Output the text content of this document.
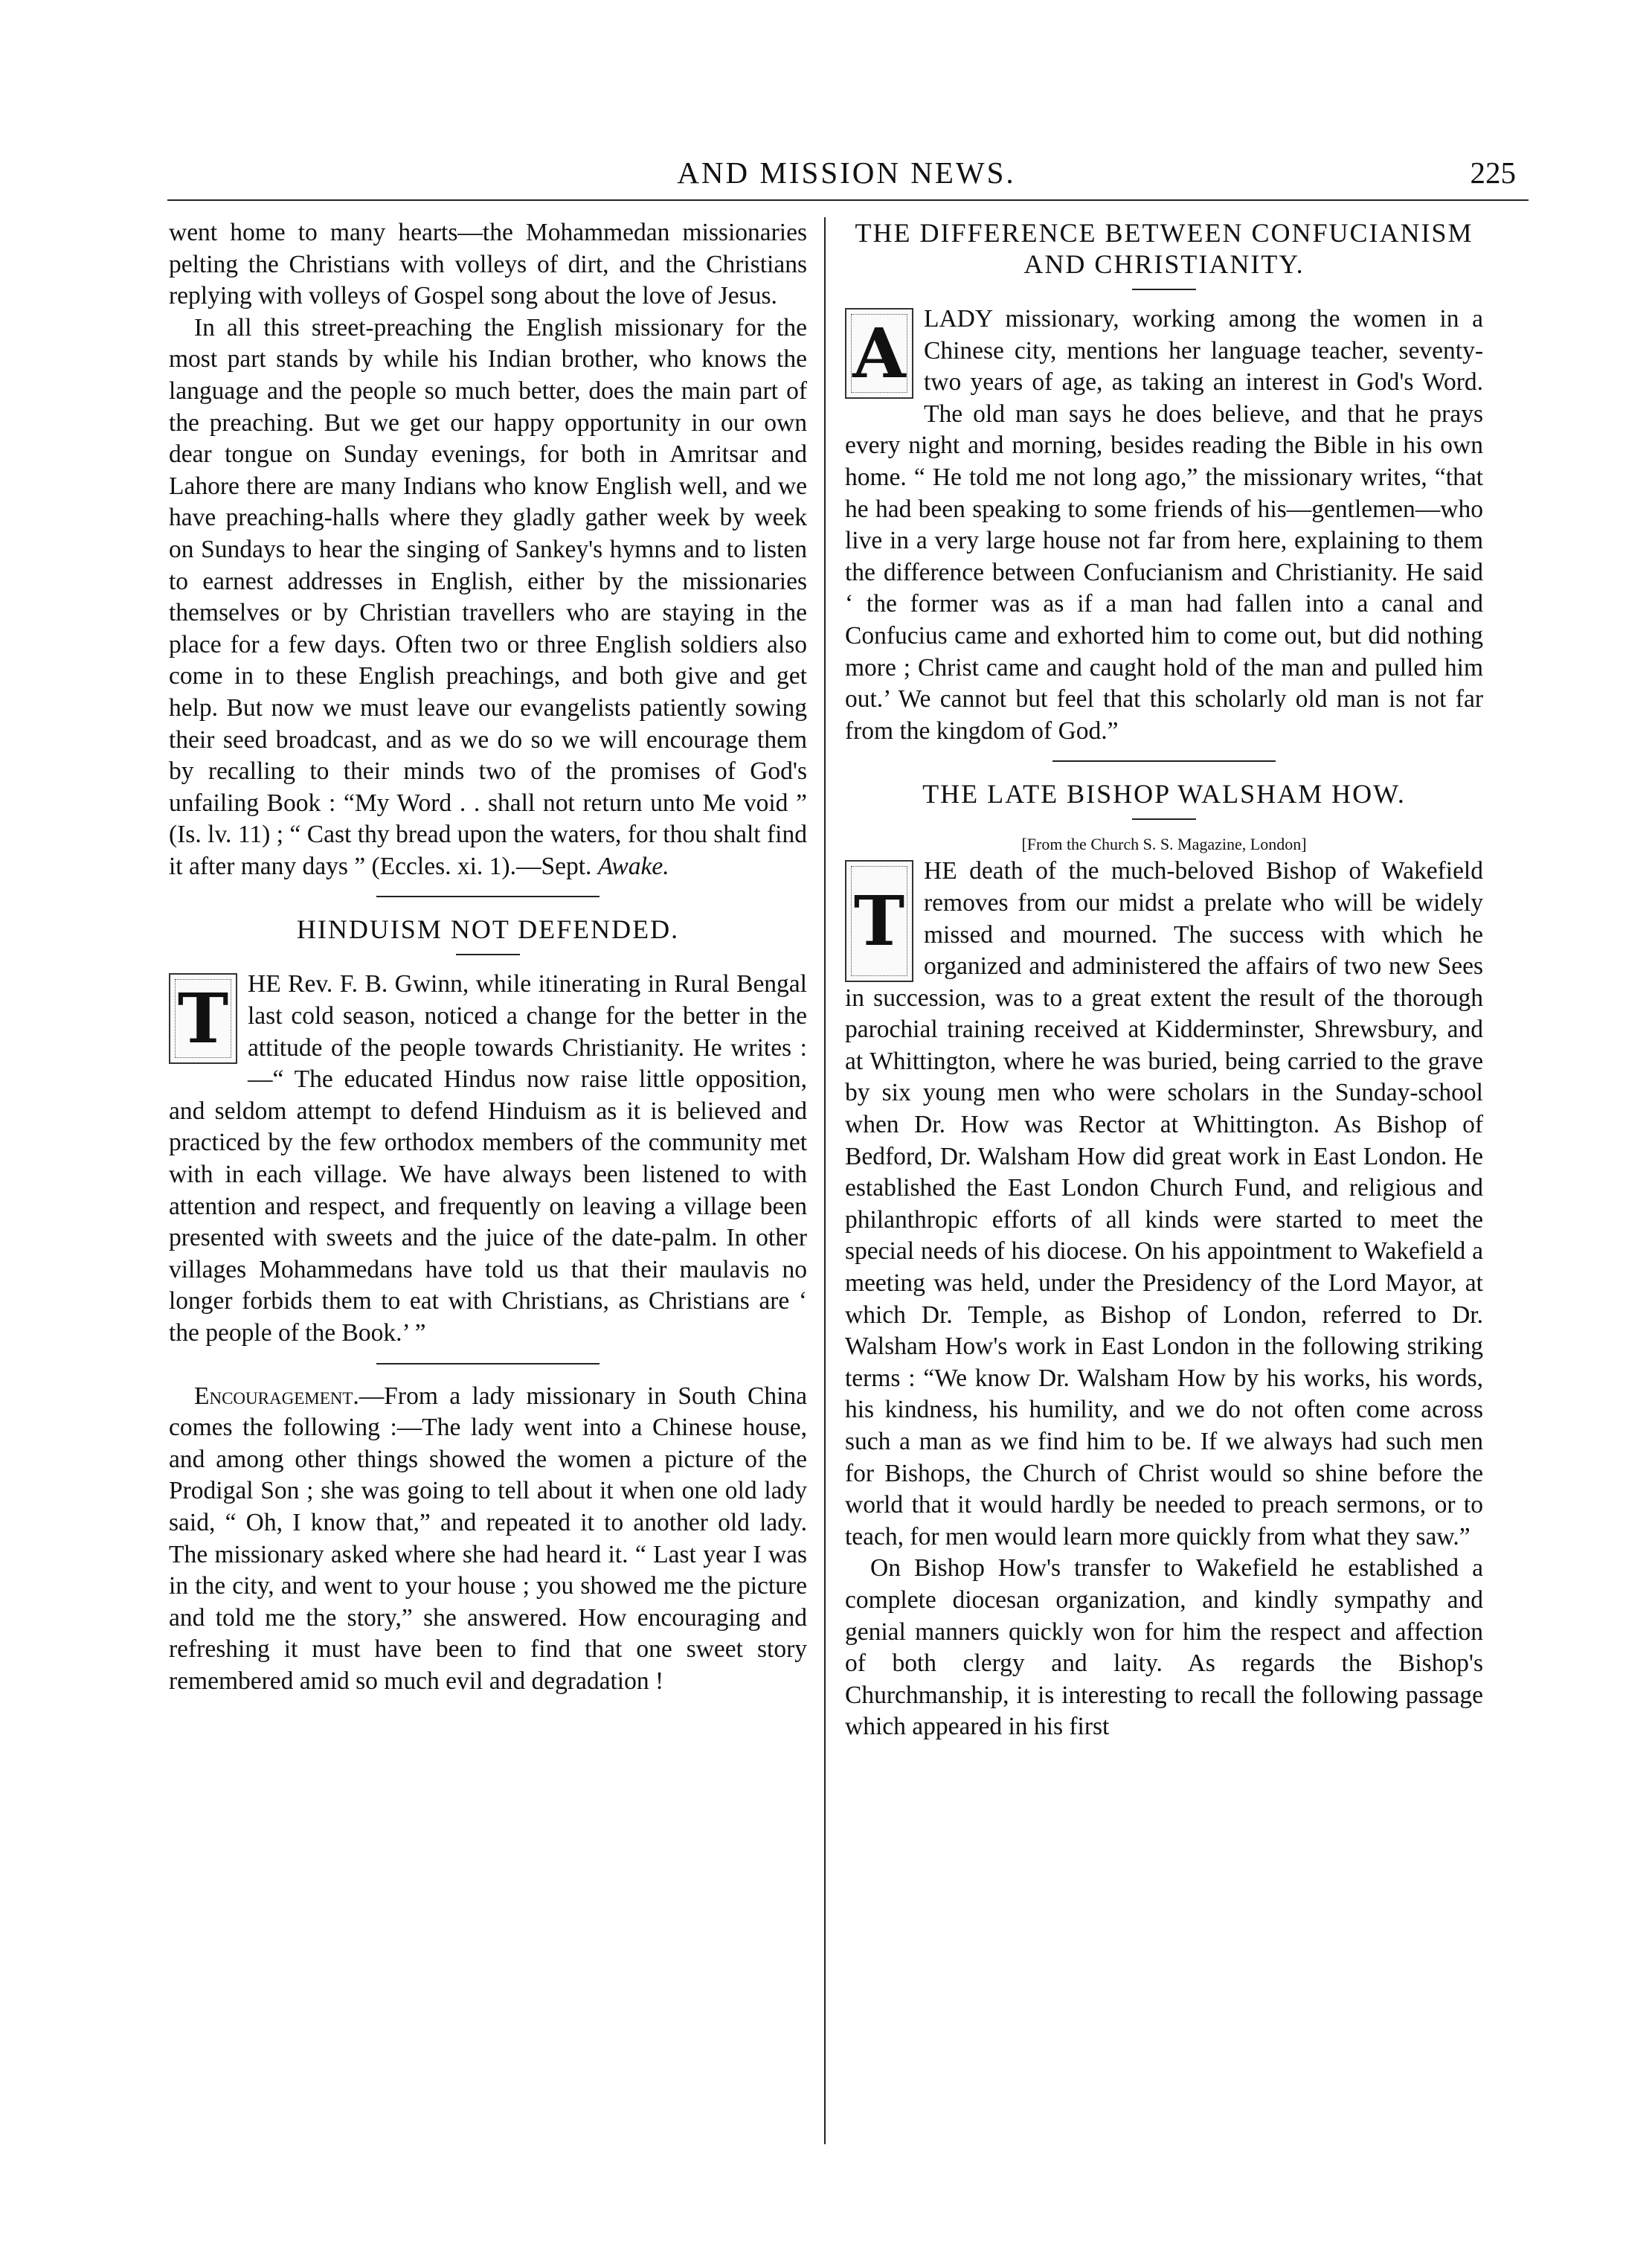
AND MISSION NEWS.	225

went home to many hearts—the Mohammedan missionaries pelting the Christians with volleys of dirt, and the Christians replying with volleys of Gospel song about the love of Jesus.

In all this street-preaching the English missionary for the most part stands by while his Indian brother, who knows the language and the people so much better, does the main part of the preaching. But we get our happy opportunity in our own dear tongue on Sunday evenings, for both in Amritsar and Lahore there are many Indians who know English well, and we have preaching-halls where they gladly gather week by week on Sundays to hear the singing of Sankey's hymns and to listen to earnest addresses in English, either by the missionaries themselves or by Christian travellers who are staying in the place for a few days. Often two or three English soldiers also come in to these English preachings, and both give and get help. But now we must leave our evangelists patiently sowing their seed broadcast, and as we do so we will encourage them by recalling to their minds two of the promises of God's unfailing Book : “My Word . . shall not return unto Me void ” (Is. lv. 11) ; “ Cast thy bread upon the waters, for thou shalt find it after many days ” (Eccles. xi. 1).—Sept. Awake.

HINDUISM NOT DEFENDED.

T HE Rev. F. B. Gwinn, while itinerating in Rural Bengal last cold season, noticed a change for the better in the attitude of the people towards Christianity. He writes :—“ The educated Hindus now raise little opposition, and seldom attempt to defend Hinduism as it is believed and practiced by the few orthodox members of the community met with in each village. We have always been listened to with attention and respect, and frequently on leaving a village been presented with sweets and the juice of the date-palm. In other villages Mohammedans have told us that their maulavis no longer forbids them to eat with Christians, as Christians are ‘ the people of the Book.’ ”

Encouragement.—From a lady missionary in South China comes the following :—The lady went into a Chinese house, and among other things showed the women a picture of the Prodigal Son ; she was going to tell about it when one old lady said, “ Oh, I know that,” and repeated it to another old lady. The missionary asked where she had heard it. “ Last year I was in the city, and went to your house ; you showed me the picture and told me the story,” she answered. How encouraging and refreshing it must have been to find that one sweet story remembered amid so much evil and degradation !

THE DIFFERENCE BETWEEN CONFUCIANISM AND CHRISTIANITY.

A LADY missionary, working among the women in a Chinese city, mentions her language teacher, seventy-two years of age, as taking an interest in God's Word. The old man says he does believe, and that he prays every night and morning, besides reading the Bible in his own home. “ He told me not long ago,” the missionary writes, “that he had been speaking to some friends of his—gentlemen—who live in a very large house not far from here, explaining to them the difference between Confucianism and Christianity. He said ‘ the former was as if a man had fallen into a canal and Confucius came and exhorted him to come out, but did nothing more ; Christ came and caught hold of the man and pulled him out.’ We cannot but feel that this scholarly old man is not far from the kingdom of God.”

THE LATE BISHOP WALSHAM HOW.

[From the Church S. S. Magazine, London]

T
HE death of the much-beloved Bishop of Wakefield removes from our midst a prelate who will be widely missed and mourned. The success with which he organized and administered the affairs of two new Sees in succession, was to a great extent the result of the thorough parochial training received at Kidderminster, Shrewsbury, and at Whittington, where he was buried, being carried to the grave by six young men who were scholars in the Sunday-school when Dr. How was Rector at Whittington. As Bishop of Bedford, Dr. Walsham How did great work in East London. He established the East London Church Fund, and religious and philanthropic efforts of all kinds were started to meet the special needs of his diocese. On his appointment to Wakefield a meeting was held, under the Presidency of the Lord Mayor, at which Dr. Temple, as Bishop of London, referred to Dr. Walsham How's work in East London in the following striking terms : “We know Dr. Walsham How by his works, his words, his kindness, his humility, and we do not often come across such a man as we find him to be. If we always had such men for Bishops, the Church of Christ would so shine before the world that it would hardly be needed to preach sermons, or to teach, for men would learn more quickly from what they saw.”

On Bishop How's transfer to Wakefield he established a complete diocesan organization, and kindly sympathy and genial manners quickly won for him the respect and affection of both clergy and laity. As regards the Bishop's Churchmanship, it is interesting to recall the following passage which appeared in his first
